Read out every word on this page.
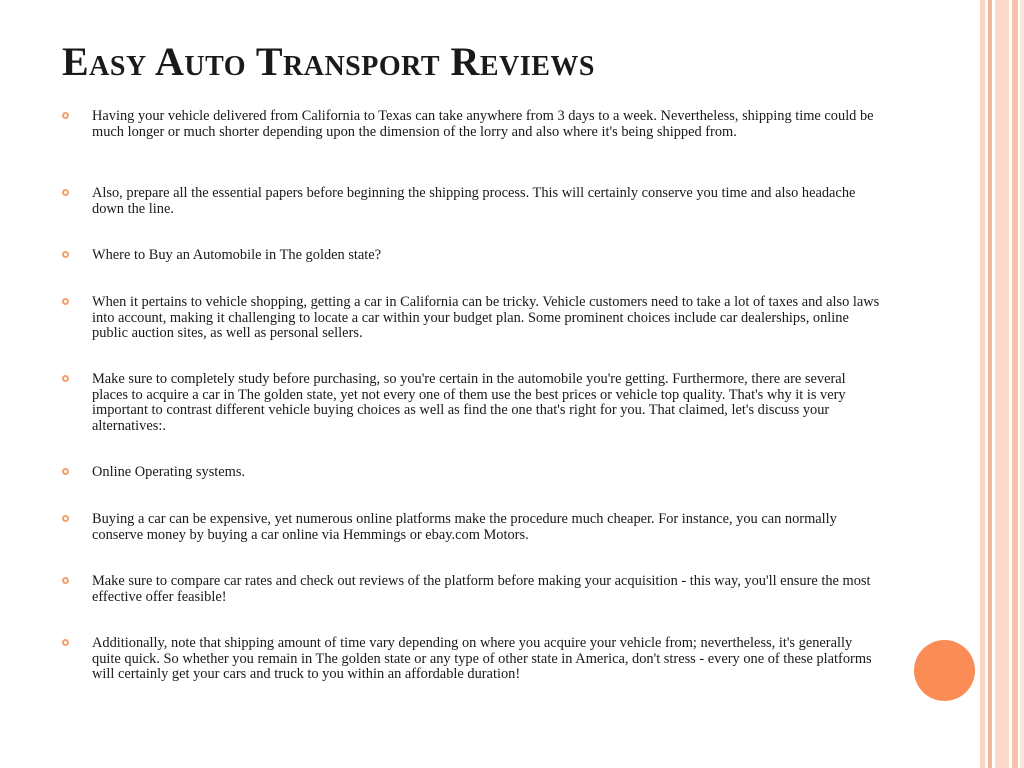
Easy Auto Transport Reviews

Having your vehicle delivered from California to Texas can take anywhere from 3 days to a week. Nevertheless, shipping time could be much longer or much shorter depending upon the dimension of the lorry and also where it's being shipped from.

Also, prepare all the essential papers before beginning the shipping process. This will certainly conserve you time and also headache down the line.

Where to Buy an Automobile in The golden state?

When it pertains to vehicle shopping, getting a car in California can be tricky. Vehicle customers need to take a lot of taxes and also laws into account, making it challenging to locate a car within your budget plan. Some prominent choices include car dealerships, online public auction sites, as well as personal sellers.

Make sure to completely study before purchasing, so you're certain in the automobile you're getting. Furthermore, there are several places to acquire a car in The golden state, yet not every one of them use the best prices or vehicle top quality. That's why it is very important to contrast different vehicle buying choices as well as find the one that's right for you. That claimed, let's discuss your alternatives:.

Online Operating systems.

Buying a car can be expensive, yet numerous online platforms make the procedure much cheaper. For instance, you can normally conserve money by buying a car online via Hemmings or ebay.com Motors.

Make sure to compare car rates and check out reviews of the platform before making your acquisition - this way, you'll ensure the most effective offer feasible!

Additionally, note that shipping amount of time vary depending on where you acquire your vehicle from; nevertheless, it's generally quite quick. So whether you remain in The golden state or any type of other state in America, don't stress - every one of these platforms will certainly get your cars and truck to you within an affordable duration!
